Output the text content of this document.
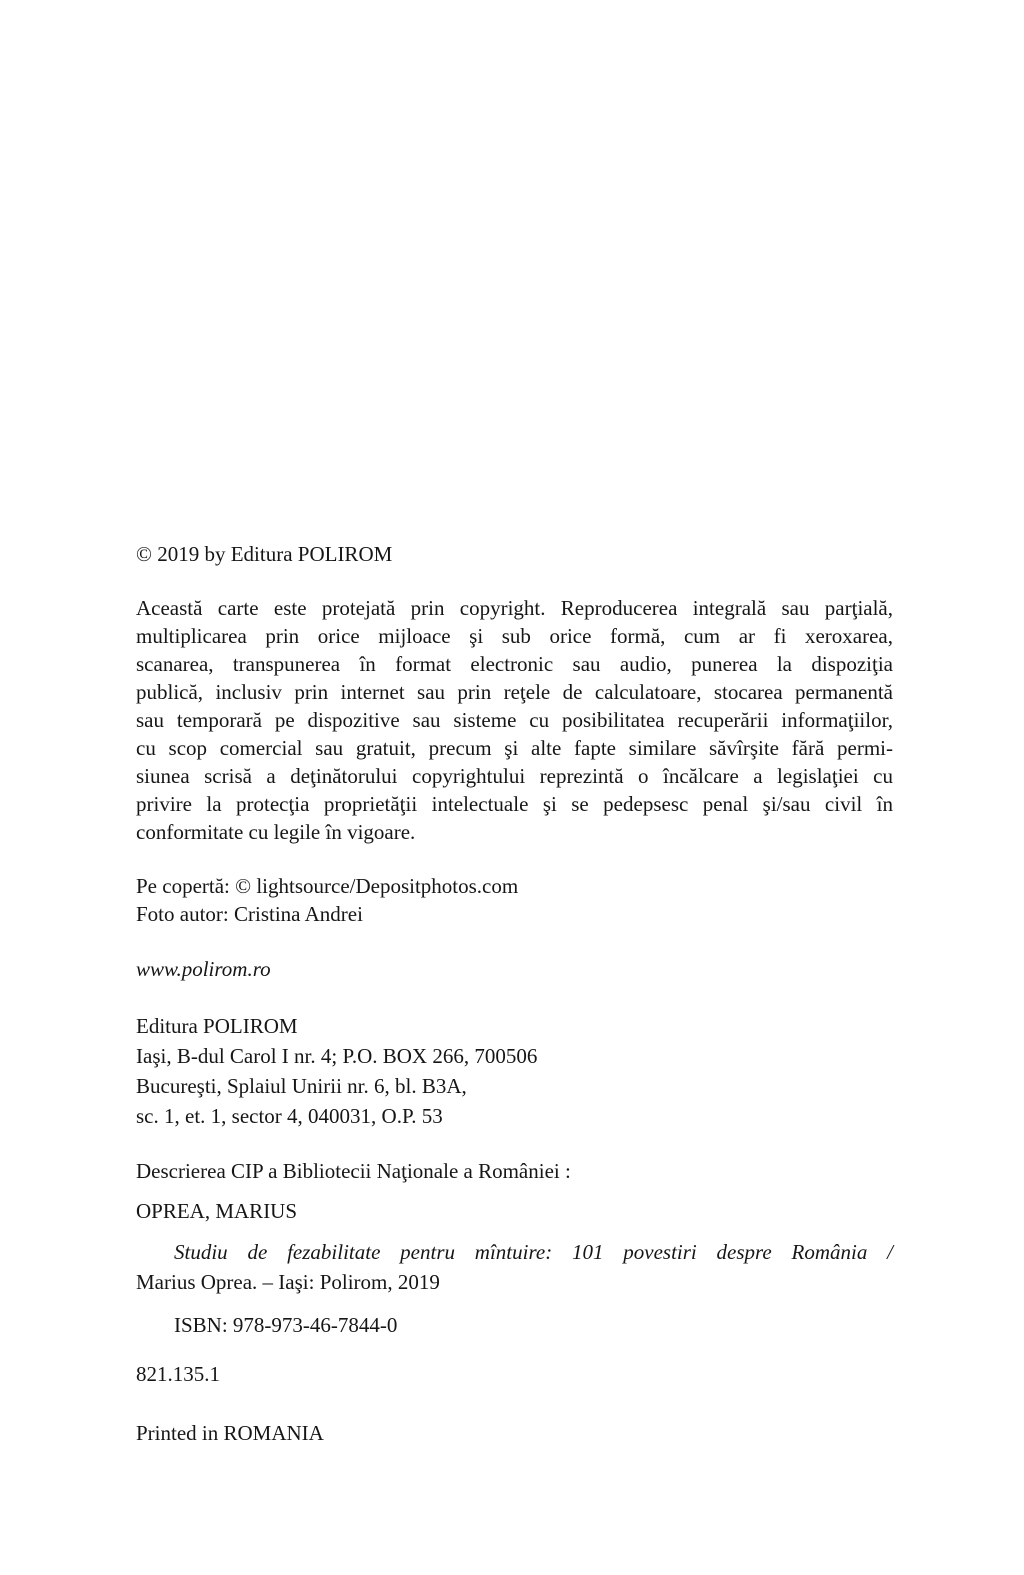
© 2019 by Editura POLIROM
Această carte este protejată prin copyright. Reproducerea integrală sau parţială,
multiplicarea prin orice mijloace şi sub orice formă, cum ar fi xeroxarea,
scanarea, transpunerea în format electronic sau audio, punerea la dispoziţia
publică, inclusiv prin internet sau prin reţele de calculatoare, stocarea permanentă
sau temporară pe dispozitive sau sisteme cu posibilitatea recuperării informaţiilor,
cu scop comercial sau gratuit, precum şi alte fapte similare săvîrşite fără permi-
siunea scrisă a deţinătorului copyrightului reprezintă o încălcare a legislaţiei cu
privire la protecţia proprietăţii intelectuale şi se pedepsesc penal şi/sau civil în
conformitate cu legile în vigoare.
Pe copertă: © lightsource/Depositphotos.com
Foto autor: Cristina Andrei
www.polirom.ro
Editura POLIROM
Iaşi, B-dul Carol I nr. 4; P.O. BOX 266, 700506
Bucureşti, Splaiul Unirii nr. 6, bl. B3A,
sc. 1, et. 1, sector 4, 040031, O.P. 53
Descrierea CIP a Bibliotecii Naţionale a României :
OPREA, MARIUS
Studiu de fezabilitate pentru mîntuire: 101 povestiri despre România /
Marius Oprea. – Iaşi: Polirom, 2019
ISBN: 978-973-46-7844-0
821.135.1
Printed in ROMANIA
